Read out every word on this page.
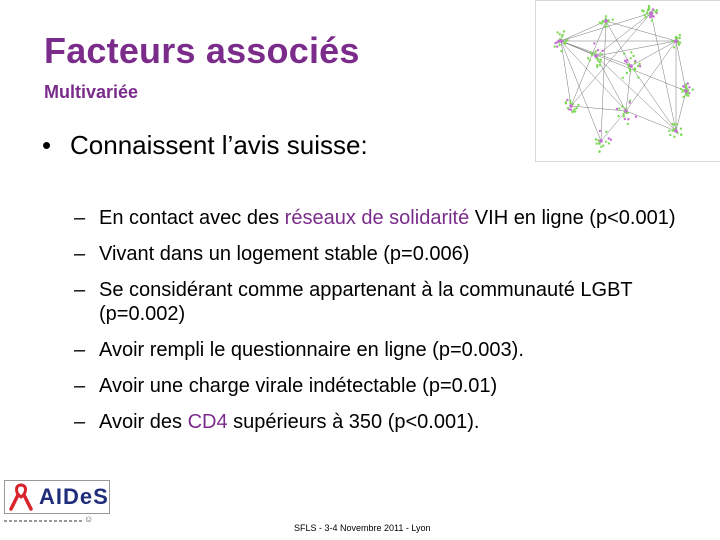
Facteurs associés
Multivariée
• Connaissent l’avis suisse:
– En contact avec des réseaux de solidarité VIH en ligne (p<0.001)
– Vivant dans un logement stable (p=0.006)
– Se considérant comme appartenant à la communauté LGBT (p=0.002)
– Avoir rempli le questionnaire en ligne (p=0.003).
– Avoir une charge virale indétectable (p=0.01)
– Avoir des CD4 supérieurs à 350 (p<0.001).
AIDeS
☺
SFLS - 3-4 Novembre 2011 - Lyon
